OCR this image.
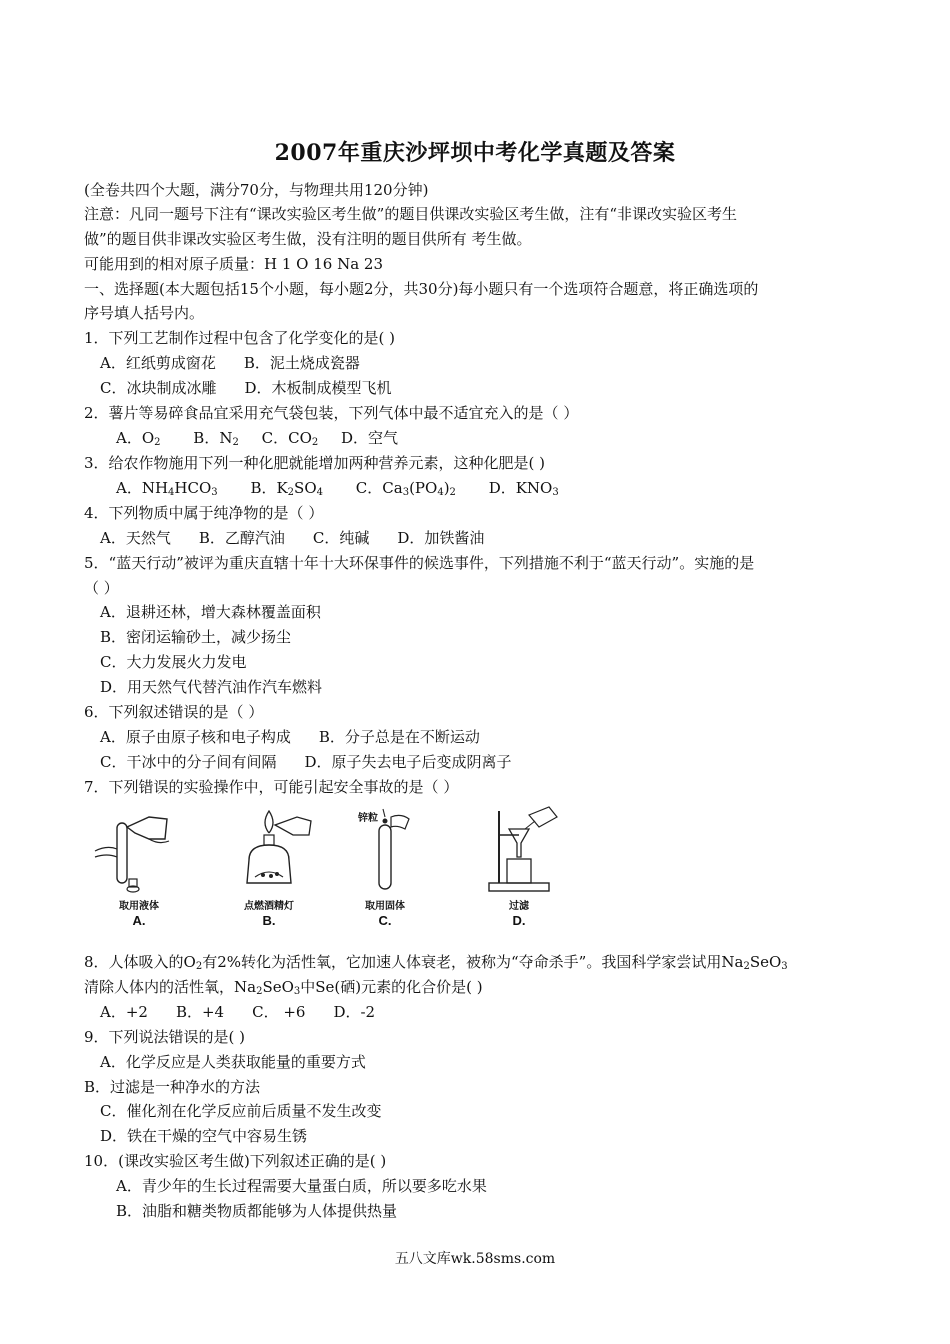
2007年重庆沙坪坝中考化学真题及答案
(全卷共四个大题，满分70分，与物理共用120分钟)
注意：凡同一题号下注有“课改实验区考生做”的题目供课改实验区考生做，注有“非课改实验区考生
做”的题目供非课改实验区考生做，没有注明的题目供所有 考生做。
可能用到的相对原子质量：H 1 O 16 Na 23
一、选择题(本大题包括15个小题，每小题2分，共30分)每小题只有一个选项符合题意，将正确选项的
序号填人括号内。
1．下列工艺制作过程中包含了化学变化的是( )
A．红纸剪成窗花 B．泥土烧成瓷器
C．冰块制成冰雕 D．木板制成模型飞机
2．薯片等易碎食品宜采用充气袋包装，下列气体中最不适宜充入的是（ ）
A．$O_2$ B．$N_2$ C．$CO_2$ D．空气
3．给农作物施用下列一种化肥就能增加两种营养元素，这种化肥是( )
A．$NH_4HCO_3$ B．$K_2SO_4$ C．$Ca_3(PO_4)_2$ D．$KNO_3$
4．下列物质中属于纯净物的是（ ）
A．天然气 B．乙醇汽油 C．纯碱 D．加铁酱油
5．“蓝天行动”被评为重庆直辖十年十大环保事件的候选事件，下列措施不利于“蓝天行动”。实施的是
（ ）
A．退耕还林，增大森林覆盖面积
B．密闭运输砂土，减少扬尘
C．大力发展火力发电
D．用天然气代替汽油作汽车燃料
6．下列叙述错误的是（ ）
A．原子由原子核和电子构成 B．分子总是在不断运动
C．干冰中的分子间有间隔 D．原子失去电子后变成阴离子
7．下列错误的实验操作中，可能引起安全事故的是（ ）
取用液体
A.
点燃酒精灯
B.
锌粒
取用固体
C.
过滤
D.
8．人体吸入的$O_2$有2%转化为活性氧，它加速人体衰老，被称为“夺命杀手”。我国科学家尝试用$Na_2SeO_3$
清除人体内的活性氧，$Na_2SeO_3$中Se(硒)元素的化合价是( )
A．+2 B．+4 C． +6 D．-2
9．下列说法错误的是( )
A．化学反应是人类获取能量的重要方式
B．过滤是一种净水的方法
C．催化剂在化学反应前后质量不发生改变
D．铁在干燥的空气中容易生锈
10．(课改实验区考生做)下列叙述正确的是( )
A．青少年的生长过程需要大量蛋白质，所以要多吃水果
B．油脂和糖类物质都能够为人体提供热量
五八文库wk.58sms.com
